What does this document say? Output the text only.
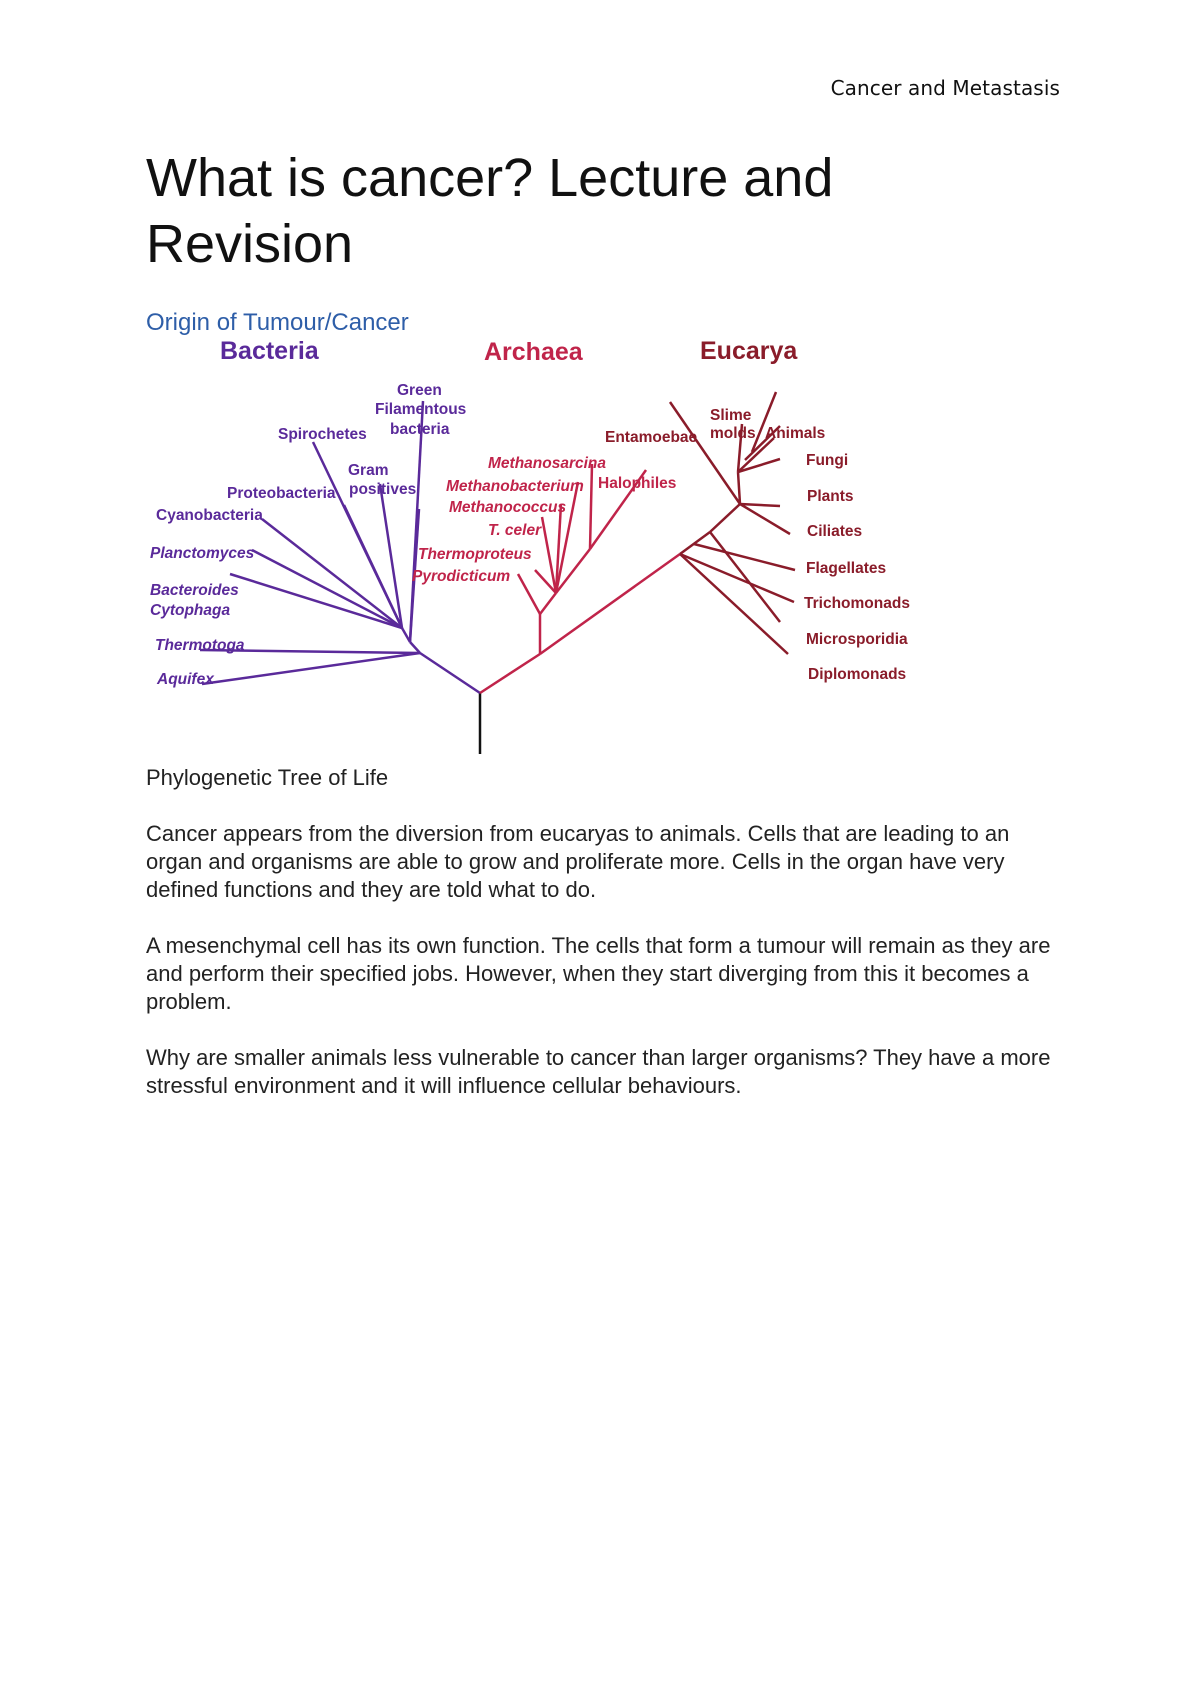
Cancer and Metastasis
What is cancer? Lecture and Revision
Origin of Tumour/Cancer
Bacteria	Archaea	Eucarya
Green
Filamentous
bacteria
Spirochetes
Gram
positives
Proteobacteria
Cyanobacteria
Planctomyces
Bacteroides
Cytophaga
Thermotoga
Aquifex
Methanosarcina
Methanobacterium
Methanococcus
T. celer
Thermoproteus
Pyrodicticum
Halophiles
Entamoebae
Slime
molds Animals
Fungi
Plants
Ciliates
Flagellates
Trichomonads
Microsporidia
Diplomonads

Phylogenetic Tree of Life

Cancer appears from the diversion from eucaryas to animals. Cells that are leading to an organ and organisms are able to grow and proliferate more. Cells in the organ have very defined functions and they are told what to do.

A mesenchymal cell has its own function. The cells that form a tumour will remain as they are and perform their specified jobs. However, when they start diverging from this it becomes a problem.

Why are smaller animals less vulnerable to cancer than larger organisms? They have a more stressful environment and it will influence cellular behaviours.
